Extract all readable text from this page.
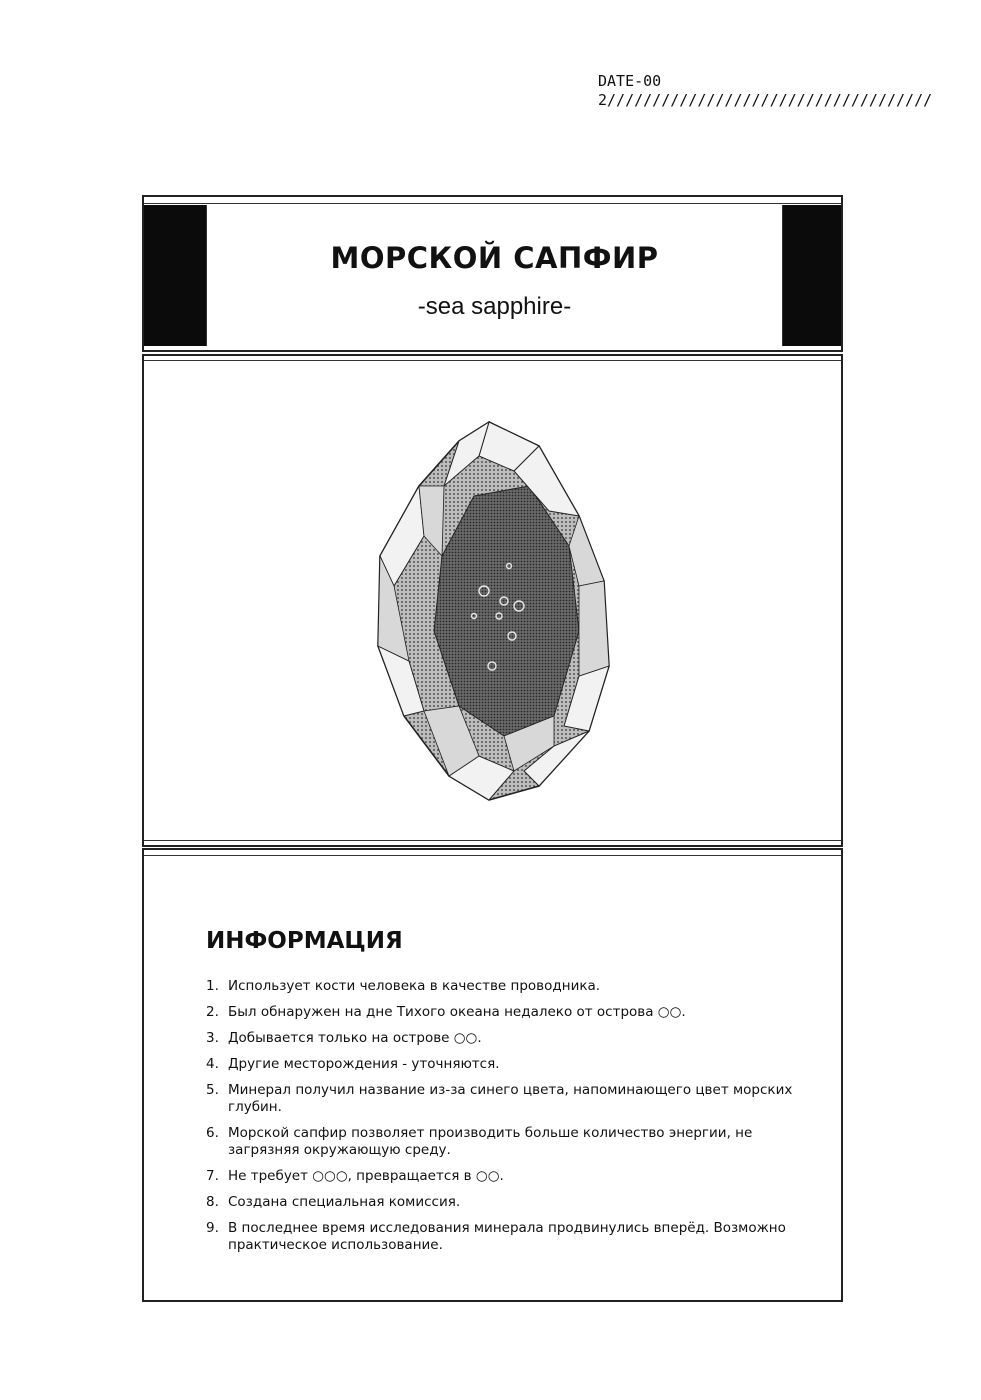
DATE-002////////////////////////////////////
МОРСКОЙ САПФИР
-sea sapphire-
ИНФОРМАЦИЯ
1. Использует кости человека в качестве проводника.
2. Был обнаружен на дне Тихого океана недалеко от острова ○○.
3. Добывается только на острове ○○.
4. Другие месторождения - уточняются.
5. Минерал получил название из-за синего цвета, напоминающего цвет морских глубин.
6. Морской сапфир позволяет производить больше количество энергии, не загрязняя окружающую среду.
7. Не требует ○○○, превращается в ○○.
8. Создана специальная комиссия.
9. В последнее время исследования минерала продвинулись вперёд. Возможно практическое использование.
